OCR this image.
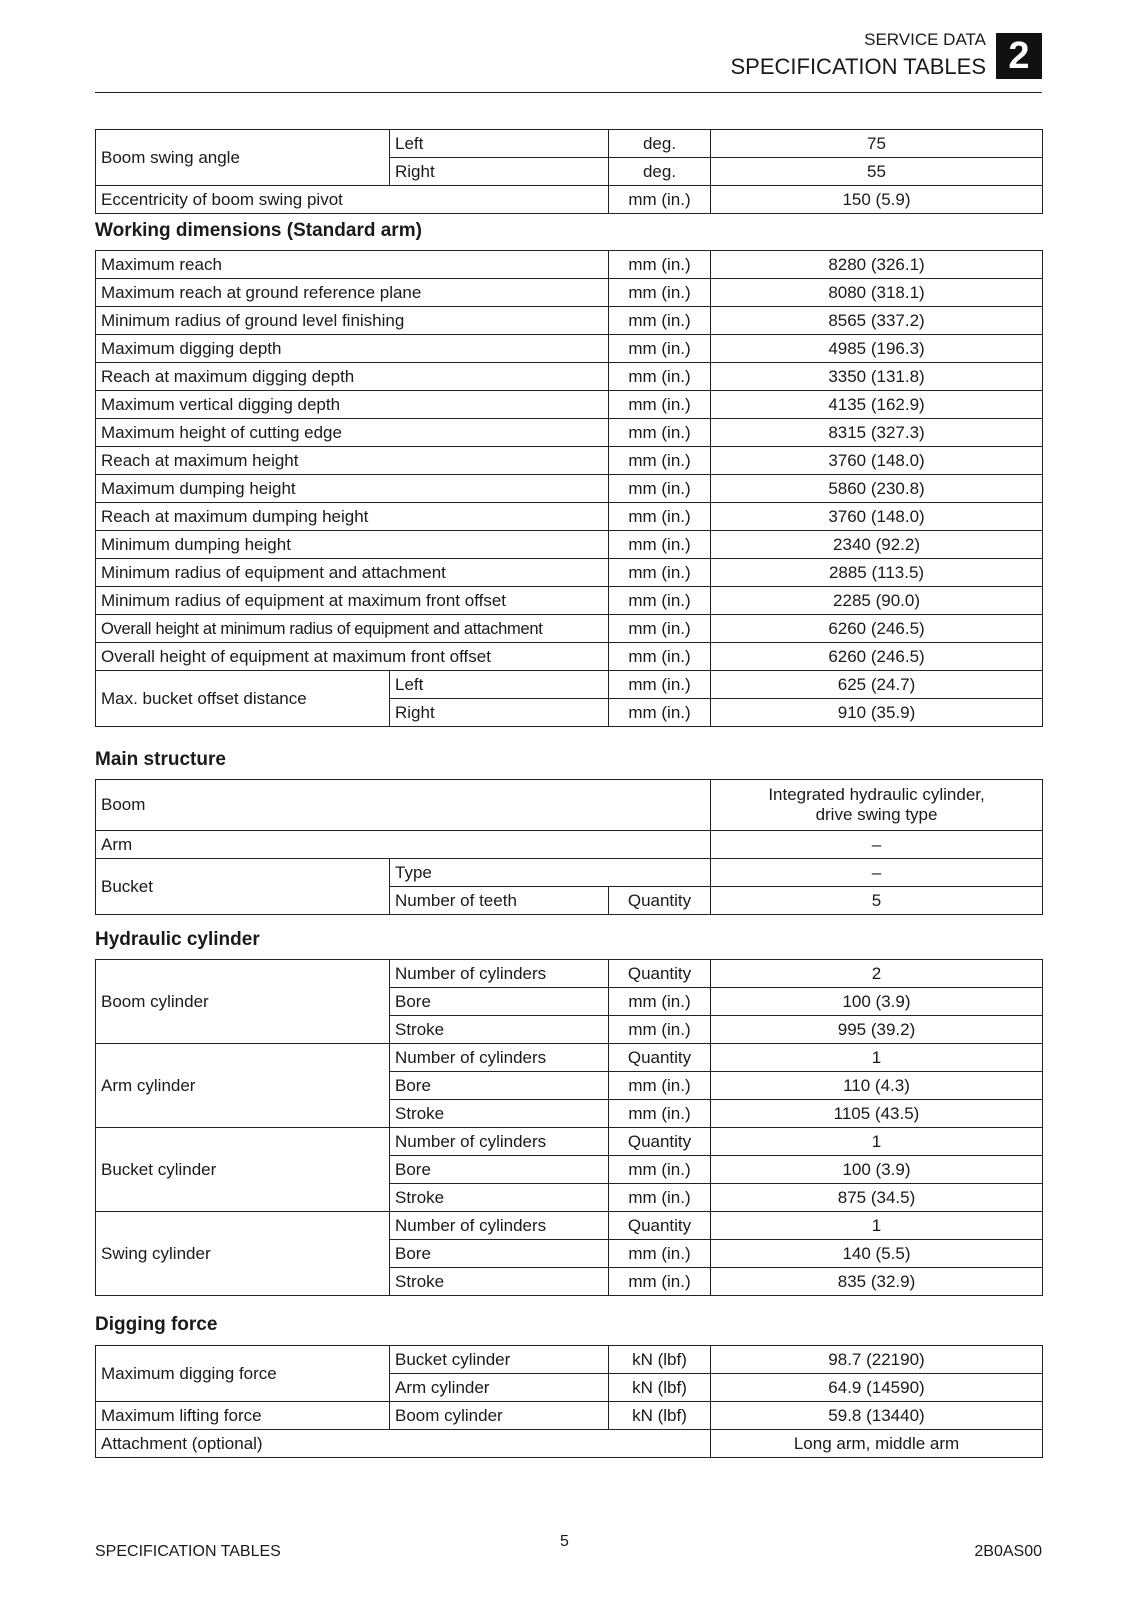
SERVICE DATA
SPECIFICATION TABLES 2
Boom swing angle	Left	deg.	75
	Right	deg.	55
Eccentricity of boom swing pivot		mm (in.)	150 (5.9)
Working dimensions (Standard arm)
Maximum reach		mm (in.)	8280 (326.1)
Maximum reach at ground reference plane		mm (in.)	8080 (318.1)
Minimum radius of ground level finishing		mm (in.)	8565 (337.2)
Maximum digging depth		mm (in.)	4985 (196.3)
Reach at maximum digging depth		mm (in.)	3350 (131.8)
Maximum vertical digging depth		mm (in.)	4135 (162.9)
Maximum height of cutting edge		mm (in.)	8315 (327.3)
Reach at maximum height		mm (in.)	3760 (148.0)
Maximum dumping height		mm (in.)	5860 (230.8)
Reach at maximum dumping height		mm (in.)	3760 (148.0)
Minimum dumping height		mm (in.)	2340 (92.2)
Minimum radius of equipment and attachment		mm (in.)	2885 (113.5)
Minimum radius of equipment at maximum front offset		mm (in.)	2285 (90.0)
Overall height at minimum radius of equipment and attachment		mm (in.)	6260 (246.5)
Overall height of equipment at maximum front offset		mm (in.)	6260 (246.5)
Max. bucket offset distance	Left	mm (in.)	625 (24.7)
	Right	mm (in.)	910 (35.9)
Main structure
Boom			Integrated hydraulic cylinder,
drive swing type

Arm			–
Bucket	Type		–
	Number of teeth	Quantity	5
Hydraulic cylinder
Boom cylinder	Number of cylinders	Quantity	2
	Bore	mm (in.)	100 (3.9)
	Stroke	mm (in.)	995 (39.2)
Arm cylinder	Number of cylinders	Quantity	1
	Bore	mm (in.)	110 (4.3)
	Stroke	mm (in.)	1105 (43.5)
Bucket cylinder	Number of cylinders	Quantity	1
	Bore	mm (in.)	100 (3.9)
	Stroke	mm (in.)	875 (34.5)
Swing cylinder	Number of cylinders	Quantity	1
	Bore	mm (in.)	140 (5.5)
	Stroke	mm (in.)	835 (32.9)
Digging force
Maximum digging force	Bucket cylinder	kN (lbf)	98.7 (22190)
	Arm cylinder	kN (lbf)	64.9 (14590)
Maximum lifting force	Boom cylinder	kN (lbf)	59.8 (13440)
Attachment (optional)			Long arm, middle arm
SPECIFICATION TABLES
5
2B0AS00
